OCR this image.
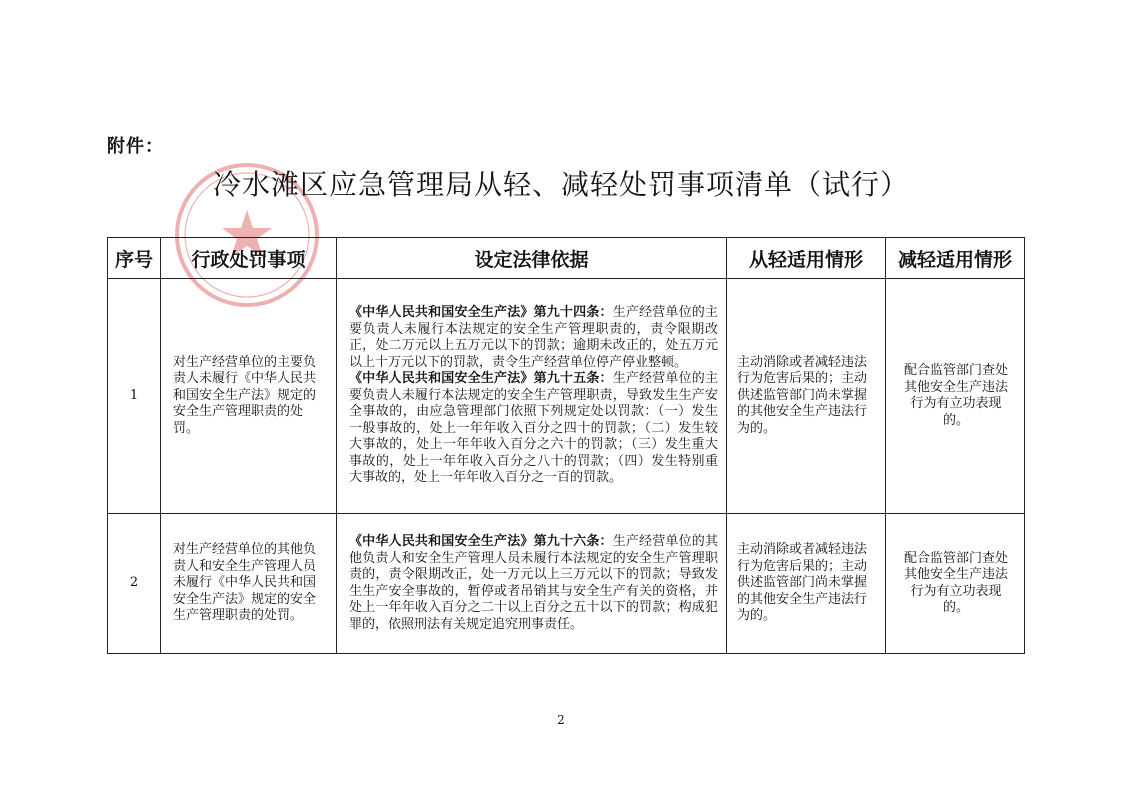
附件：
冷水滩区应急管理局从轻、减轻处罚事项清单（试行）
序号	行政处罚事项	设定法律依据	从轻适用情形	减轻适用情形
1	对生产经营单位的主要负责人未履行《中华人民共和国安全生产法》规定的安全生产管理职责的处罚。	《中华人民共和国安全生产法》第九十四条：生产经营单位的主要负责人未履行本法规定的安全生产管理职责的，责令限期改正，处二万元以上五万元以下的罚款；逾期未改正的，处五万元以上十万元以下的罚款，责令生产经营单位停产停业整顿。
《中华人民共和国安全生产法》第九十五条：生产经营单位的主要负责人未履行本法规定的安全生产管理职责，导致发生生产安全事故的，由应急管理部门依照下列规定处以罚款：（一）发生一般事故的，处上一年年收入百分之四十的罚款；（二）发生较大事故的，处上一年年收入百分之六十的罚款；（三）发生重大事故的，处上一年年收入百分之八十的罚款；（四）发生特别重大事故的，处上一年年收入百分之一百的罚款。	主动消除或者减轻违法行为危害后果的；主动供述监管部门尚未掌握的其他安全生产违法行为的。	配合监管部门查处其他安全生产违法行为有立功表现的。
2	对生产经营单位的其他负责人和安全生产管理人员未履行《中华人民共和国安全生产法》规定的安全生产管理职责的处罚。	《中华人民共和国安全生产法》第九十六条：生产经营单位的其他负责人和安全生产管理人员未履行本法规定的安全生产管理职责的，责令限期改正，处一万元以上三万元以下的罚款；导致发生生产安全事故的，暂停或者吊销其与安全生产有关的资格，并处上一年年收入百分之二十以上百分之五十以下的罚款；构成犯罪的，依照刑法有关规定追究刑事责任。	主动消除或者减轻违法行为危害后果的；主动供述监管部门尚未掌握的其他安全生产违法行为的。	配合监管部门查处其他安全生产违法行为有立功表现的。
2
